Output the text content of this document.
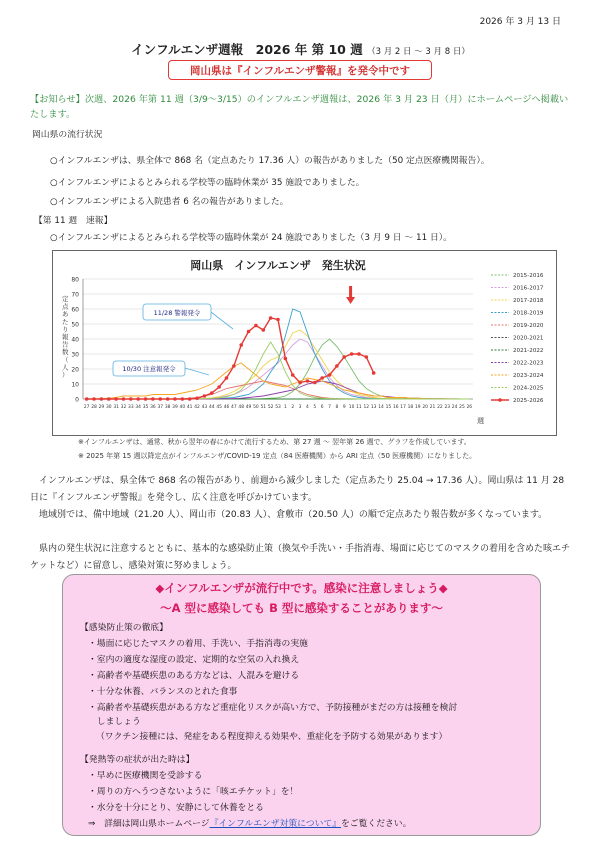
2026 年 3 月 13 日
インフルエンザ週報　2026 年 第 10 週 （3 月 2 日 ～ 3 月 8 日）
岡山県は『インフルエンザ警報』を発令中です
【お知らせ】次週、2026 年第 11 週（3/9～3/15）のインフルエンザ週報は、2026 年 3 月 23 日（月）にホームページへ掲載いたします。
岡山県の流行状況
○インフルエンザは、県全体で 868 名（定点あたり 17.36 人）の報告がありました（50 定点医療機関報告）。
○インフルエンザによるとみられる学校等の臨時休業が 35 施設でありました。
○インフルエンザによる入院患者 6 名の報告がありました。
【第 11 週　速報】
○インフルエンザによるとみられる学校等の臨時休業が 24 施設でありました（3 月 9 日 ～ 11 日）。
岡山県　インフルエンザ　発生状況
0
10
20
30
40
50
60
70
80
27 28 29 30 31 32 33 34 35 36 37 38 39 40 41 42 43 44 45 46 47 48 49 50 51 52 53 1 2 3 4 5 6 7 8 9 10 11 12 13 14 15 16 17 18 19 20 21 22 23 24 25 26
週
定点あたり報告数（人）
11/28 警報発令
10/30 注意報発令
2015-2016
2016-2017
2017-2018
2018-2019
2019-2020
2020-2021
2021-2022
2022-2023
2023-2024
2024-2025
2025-2026
※インフルエンザは、通常、秋から翌年の春にかけて流行するため、第 27 週 ～ 翌年第 26 週で、グラフを作成しています。
※ 2025 年第 15 週以降定点がインフルエンザ/COVID-19 定点（84 医療機関）から ARI 定点（50 医療機関）になりました。
インフルエンザは、県全体で 868 名の報告があり、前週から減少しました（定点あたり 25.04 → 17.36 人）。岡山県は 11 月 28 日に『インフルエンザ警報』を発令し、広く注意を呼びかけています。
地域別では、備中地域（21.20 人）、岡山市（20.83 人）、倉敷市（20.50 人）の順で定点あたり報告数が多くなっています。
県内の発生状況に注意するとともに、基本的な感染防止策（換気や手洗い・手指消毒、場面に応じてのマスクの着用を含めた咳エチケットなど）に留意し、感染対策に努めましょう。
◆インフルエンザが流行中です。感染に注意しましょう◆
～A 型に感染しても B 型に感染することがあります～
【感染防止策の徹底】
・場面に応じたマスクの着用、手洗い、手指消毒の実施
・室内の適度な湿度の設定、定期的な空気の入れ換え
・高齢者や基礎疾患のある方などは、人混みを避ける
・十分な休養、バランスのとれた食事
・高齢者や基礎疾患がある方など重症化リスクが高い方で、予防接種がまだの方は接種を検討
　しましょう
（ワクチン接種には、発症をある程度抑える効果や、重症化を予防する効果があります）
【発熱等の症状が出た時は】
・早めに医療機関を受診する
・周りの方へうつさないように「咳エチケット」を！
・水分を十分にとり、安静にして休養をとる
⇒　詳細は岡山県ホームページ『インフルエンザ対策について』をご覧ください。
